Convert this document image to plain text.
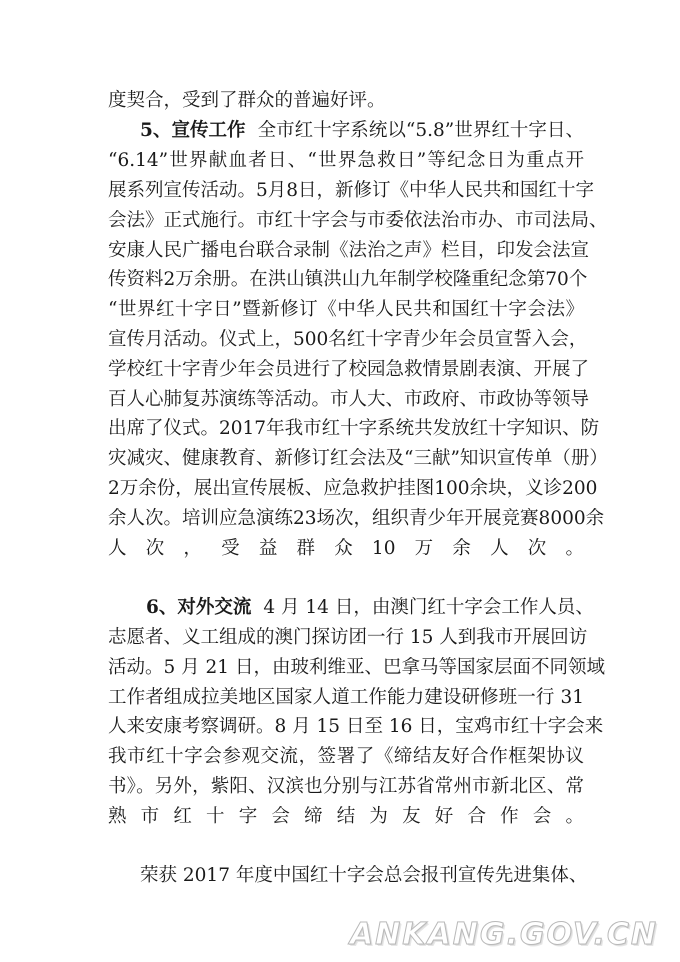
度契合，受到了群众的普遍好评。
5、宣传工作 全市红十字系统以“5.8”世界红十字日、
“6.14”世界献血者日、“世界急救日”等纪念日为重点开
展系列宣传活动。5月8日，新修订《中华人民共和国红十字
会法》正式施行。市红十字会与市委依法治市办、市司法局、
安康人民广播电台联合录制《法治之声》栏目，印发会法宣
传资料2万余册。在洪山镇洪山九年制学校隆重纪念第70个
“世界红十字日”暨新修订《中华人民共和国红十字会法》
宣传月活动。仪式上，500名红十字青少年会员宣誓入会，
学校红十字青少年会员进行了校园急救情景剧表演、开展了
百人心肺复苏演练等活动。市人大、市政府、市政协等领导
出席了仪式。2017年我市红十字系统共发放红十字知识、防
灾减灾、健康教育、新修订红会法及“三献”知识宣传单（册）
2万余份，展出宣传展板、应急救护挂图100余块，义诊200
余人次。培训应急演练23场次，组织青少年开展竞赛8000余
人次，受益群众10万余人次。
6、对外交流 4 月 14 日，由澳门红十字会工作人员、
志愿者、义工组成的澳门探访团一行 15 人到我市开展回访
活动。5 月 21 日，由玻利维亚、巴拿马等国家层面不同领域
工作者组成拉美地区国家人道工作能力建设研修班一行 31
人来安康考察调研。8 月 15 日至 16 日，宝鸡市红十字会来
我市红十字会参观交流，签署了《缔结友好合作框架协议
书》。另外，紫阳、汉滨也分别与江苏省常州市新北区、常
熟市红十字会缔结为友好合作会。
荣获 2017 年度中国红十字会总会报刊宣传先进集体、
ANKANG.GOV.CN
